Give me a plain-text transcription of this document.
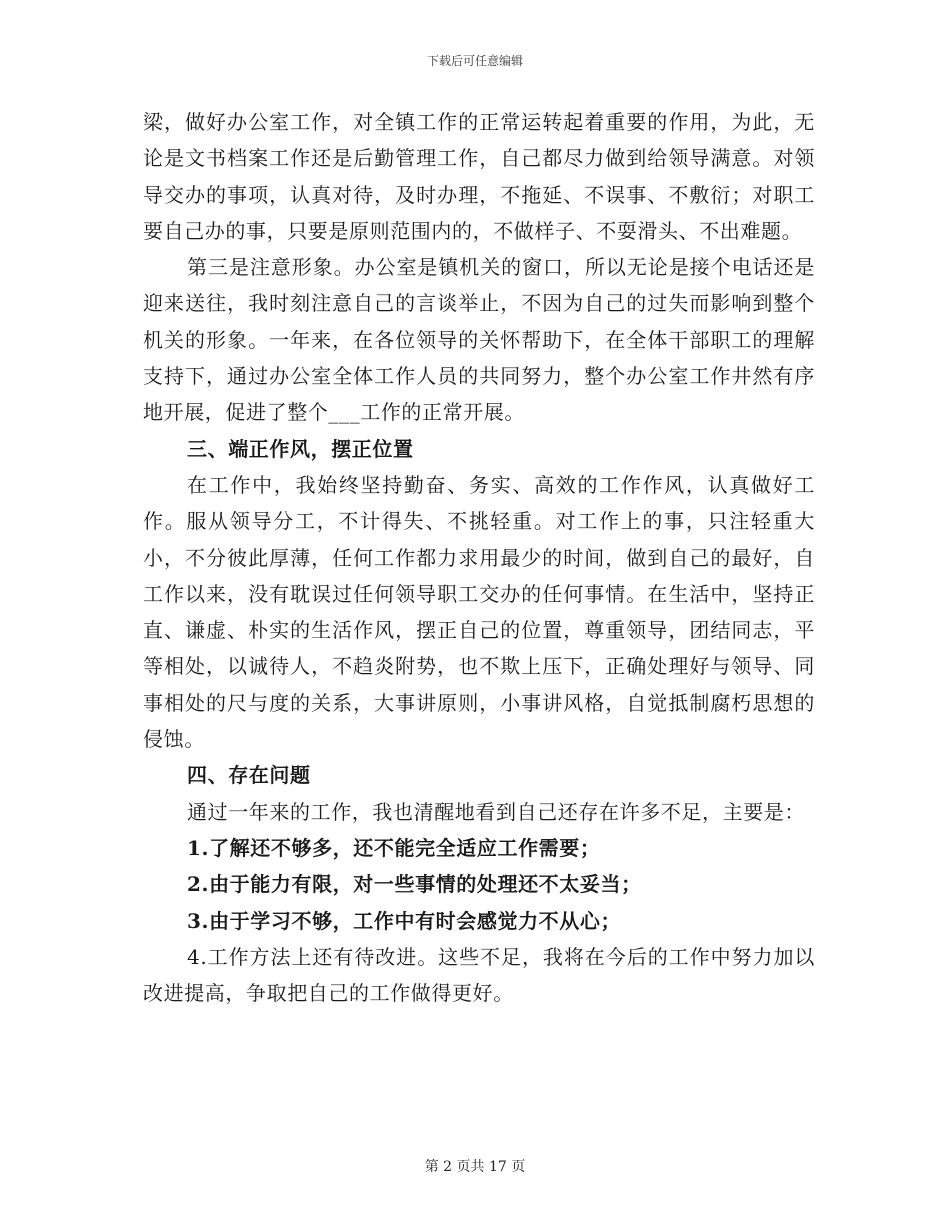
下载后可任意编辑

梁，做好办公室工作，对全镇工作的正常运转起着重要的作用，为此，无论是文书档案工作还是后勤管理工作，自己都尽力做到给领导满意。对领导交办的事项，认真对待，及时办理，不拖延、不误事、不敷衍；对职工要自己办的事，只要是原则范围内的，不做样子、不耍滑头、不出难题。

第三是注意形象。办公室是镇机关的窗口，所以无论是接个电话还是迎来送往，我时刻注意自己的言谈举止，不因为自己的过失而影响到整个机关的形象。一年来，在各位领导的关怀帮助下，在全体干部职工的理解支持下，通过办公室全体工作人员的共同努力，整个办公室工作井然有序地开展，促进了整个___工作的正常开展。

三、端正作风，摆正位置

在工作中，我始终坚持勤奋、务实、高效的工作作风，认真做好工作。服从领导分工，不计得失、不挑轻重。对工作上的事，只注轻重大小，不分彼此厚薄，任何工作都力求用最少的时间，做到自己的最好，自工作以来，没有耽误过任何领导职工交办的任何事情。在生活中，坚持正直、谦虚、朴实的生活作风，摆正自己的位置，尊重领导，团结同志，平等相处，以诚待人，不趋炎附势，也不欺上压下，正确处理好与领导、同事相处的尺与度的关系，大事讲原则，小事讲风格，自觉抵制腐朽思想的侵蚀。

四、存在问题

通过一年来的工作，我也清醒地看到自己还存在许多不足，主要是：

1.了解还不够多，还不能完全适应工作需要；

2.由于能力有限，对一些事情的处理还不太妥当；

3.由于学习不够，工作中有时会感觉力不从心；

4.工作方法上还有待改进。这些不足，我将在今后的工作中努力加以改进提高，争取把自己的工作做得更好。

第 2 页共 17 页
